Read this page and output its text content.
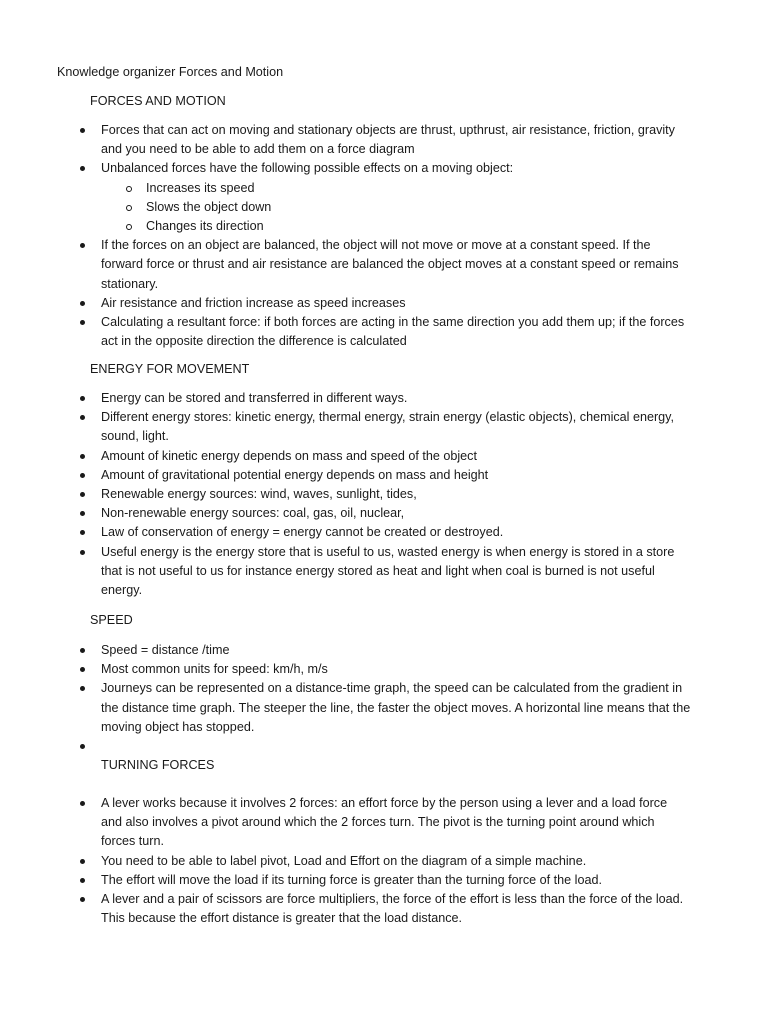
Knowledge organizer Forces and Motion
FORCES AND MOTION
Forces that can act on moving and stationary objects are thrust, upthrust, air resistance, friction, gravity and you need to be able to add them on a force diagram
Unbalanced forces have the following possible effects on a moving object:
Increases its speed
Slows the object down
Changes its direction
If the forces on an object are balanced, the object will not move or move at a constant speed. If the forward force or thrust and air resistance are balanced the object moves at a constant speed or remains stationary.
Air resistance and friction increase as speed increases
Calculating a resultant force: if both forces are acting in the same direction you add them up; if the forces act in the opposite direction the difference is calculated
ENERGY FOR MOVEMENT
Energy can be stored and transferred in different ways.
Different energy stores: kinetic energy, thermal energy, strain energy (elastic objects), chemical energy, sound, light.
Amount of kinetic energy depends on mass and speed of the object
Amount of gravitational potential energy depends on mass and height
Renewable energy sources: wind, waves, sunlight, tides,
Non-renewable energy sources: coal, gas, oil, nuclear,
Law of conservation of energy = energy cannot be created or destroyed.
Useful energy is the energy store that is useful to us, wasted energy is when energy is stored in a store that is not useful to us for instance energy stored as heat and light when coal is burned is not useful energy.
SPEED
Speed = distance /time
Most common units for speed: km/h, m/s
Journeys can be represented on a distance-time graph, the speed can be calculated from the gradient in the distance time graph. The steeper the line, the faster the object moves. A horizontal line means that the moving object has stopped.
TURNING FORCES
A lever works because it involves 2 forces: an effort force by the person using a lever and a load force and also involves a pivot around which the 2 forces turn. The pivot is the turning point around which forces turn.
You need to be able to label pivot, Load and Effort on the diagram of a simple machine.
The effort will move the load if its turning force is greater than the turning force of the load.
A lever and a pair of scissors are force multipliers, the force of the effort is less than the force of the load. This because the effort distance is greater that the load distance.
